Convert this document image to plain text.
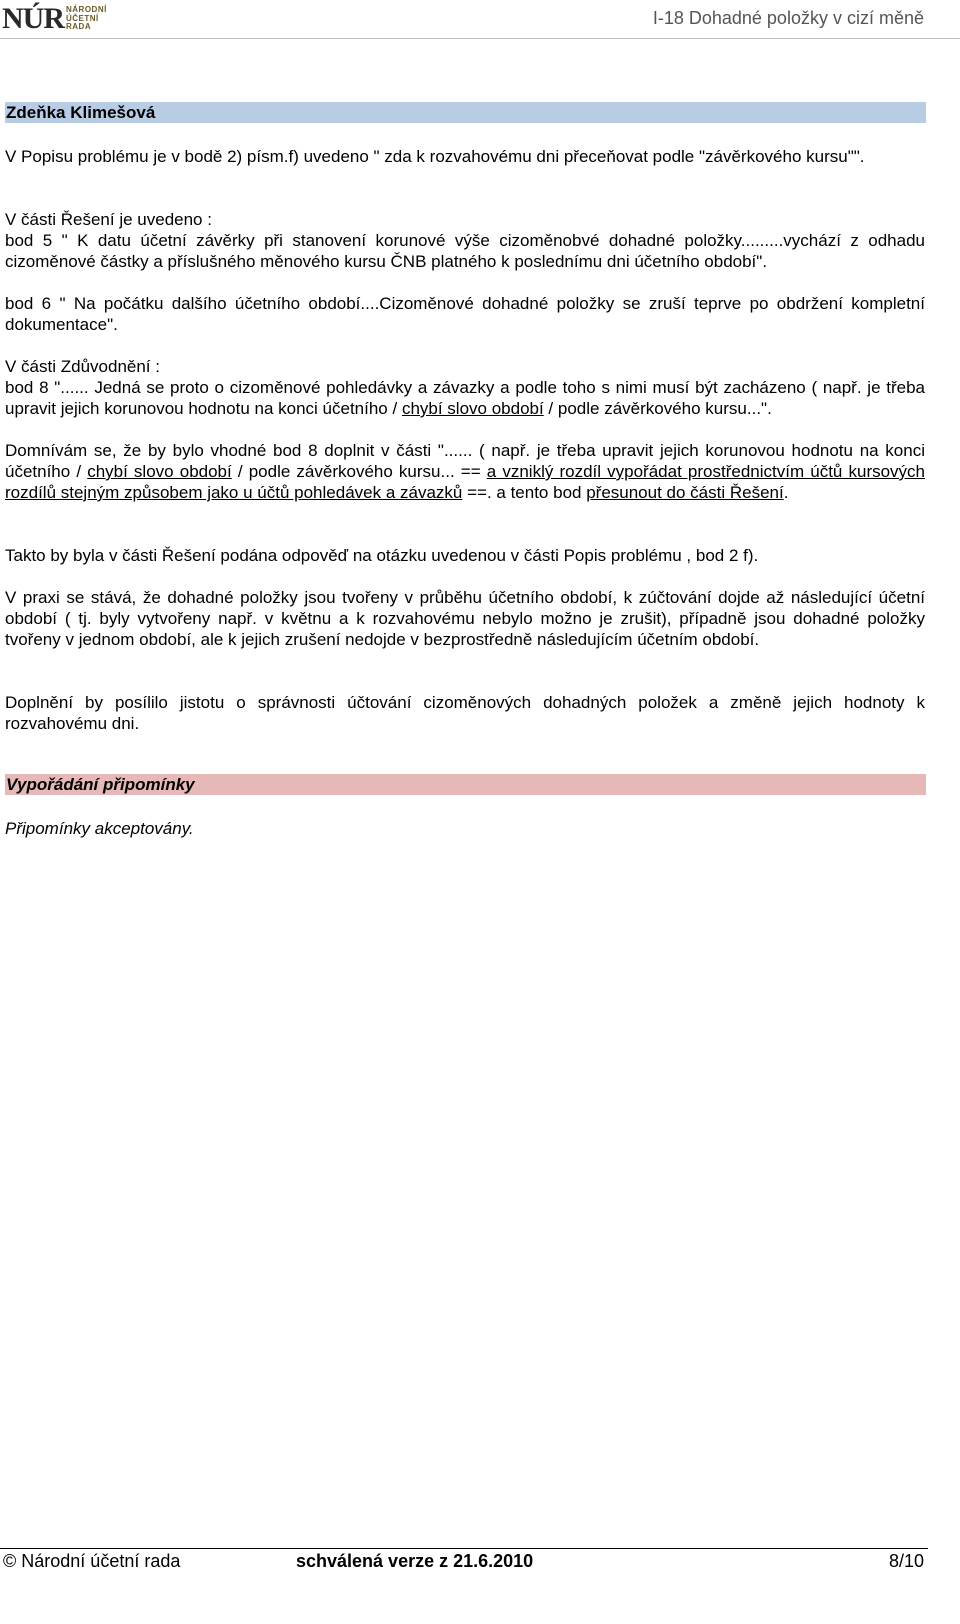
NÚR NÁRODNÍ
ÚČETNÍ
RADA	I-18 Dohadné položky v cizí měně
Zdeňka Klimešová
V Popisu problému je v bodě 2) písm.f) uvedeno " zda k rozvahovému dni přeceňovat podle "závěrkového kursu"".
V části Řešení je uvedeno :
bod 5 " K datu účetní závěrky při stanovení korunové výše cizoměnobvé dohadné položky.........vychází z odhadu cizoměnové částky a příslušného měnového kursu ČNB platného k poslednímu dni účetního období".
bod 6 " Na počátku dalšího účetního období....Cizoměnové dohadné položky se zruší teprve po obdržení kompletní dokumentace".
V části Zdůvodnění :
bod 8 "...... Jedná se proto o cizoměnové pohledávky a závazky a podle toho s nimi musí být zacházeno ( např. je třeba upravit jejich korunovou hodnotu na konci účetního / chybí slovo období / podle závěrkového kursu...".
Domnívám se, že by bylo vhodné bod 8 doplnit v části "...... ( např. je třeba upravit jejich korunovou hodnotu na konci účetního / chybí slovo období / podle závěrkového kursu... == a vzniklý rozdíl vypořádat prostřednictvím účtů kursových rozdílů stejným způsobem jako u účtů pohledávek a závazků ==. a tento bod přesunout do části Řešení.
Takto by byla v části Řešení podána odpověď na otázku uvedenou v části Popis problému , bod 2 f).
V praxi se stává, že dohadné položky jsou tvořeny v průběhu účetního období, k zúčtování dojde až následující účetní období ( tj. byly vytvořeny např. v květnu a k rozvahovému nebylo možno je zrušit), případně jsou dohadné položky tvořeny v jednom období, ale k jejich zrušení nedojde v bezprostředně následujícím účetním období.
Doplnění by posílilo jistotu o správnosti účtování cizoměnových dohadných položek a změně jejich hodnoty k rozvahovému dni.
Vypořádání připomínky
Připomínky akceptovány.
© Národní účetní rada	schválená verze z 21.6.2010	8/10
